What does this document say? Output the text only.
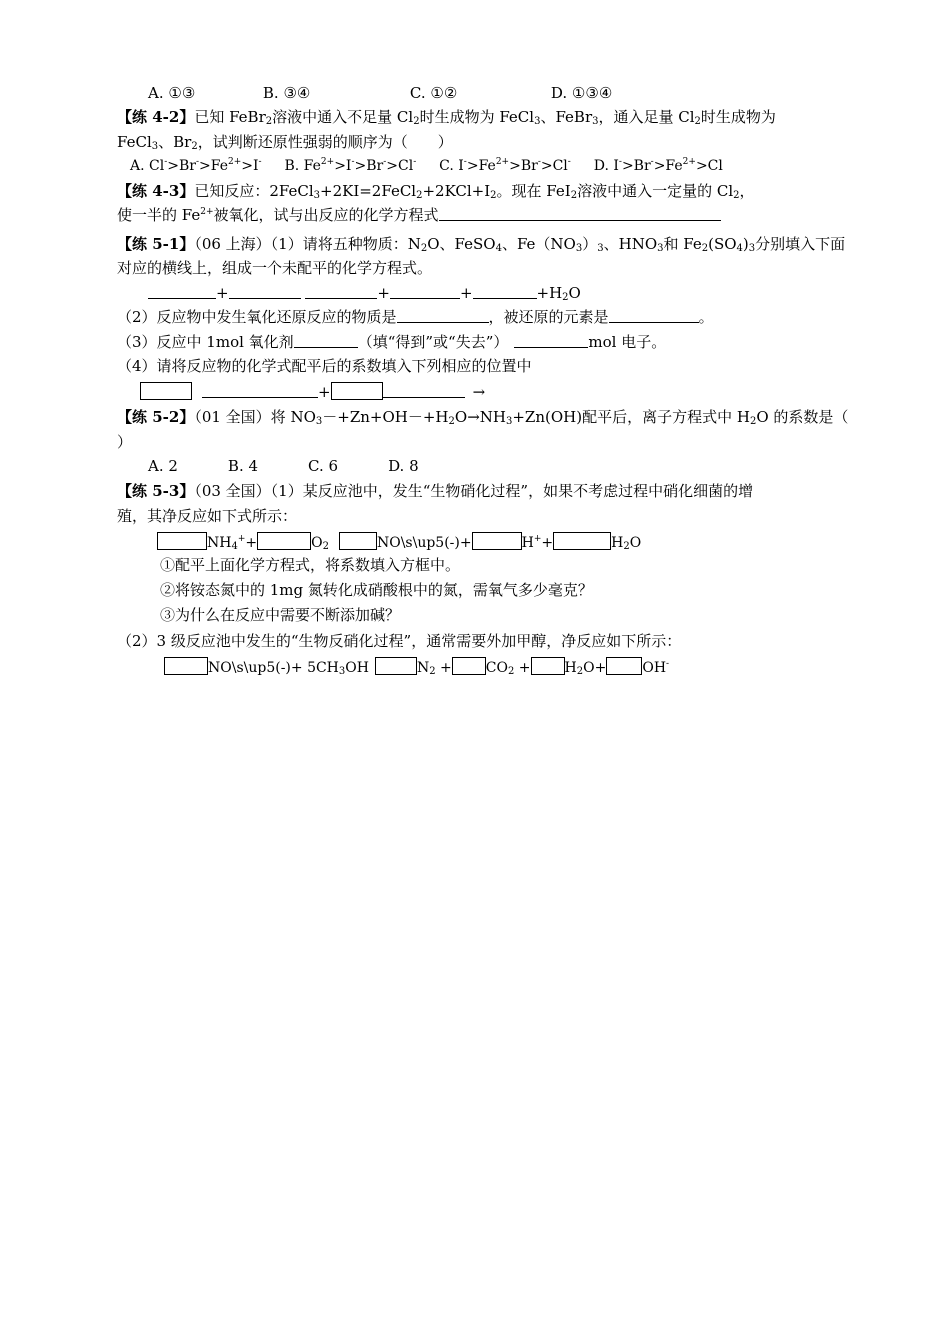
A. ①③	B. ③④	C. ①②	D. ①③④
【练 4-2】已知 FeBr$_2$溶液中通入不足量 $Cl_2$时生成物为 FeCl$_3$、FeBr$_3$，通入足量 $Cl_2$时生成物为
FeCl$_3$、$Br_2$，试判断还原性强弱的顺序为（　　）
A. $Cl^->Br^->Fe^{2+}>I^-$ B. $Fe^{2+}>I^->Br^->Cl^-$ C. $I^->Fe^{2+}>Br^->Cl^-$ D. $I^->Br^->Fe^{2+}>Cl$
【练 4-3】已知反应：$2FeCl_3+2KI=2FeCl_2+2KCl+I_2$。现在 FeI$_2$溶液中通入一定量的 $Cl_2$，
使一半的 $Fe^{2+}$被氧化，试与出反应的化学方程式
【练 5-1】（06 上海）（1）请将五种物质：$N_2O$、FeSO$_4$、$Fe(NO_3)_3$、$HNO_3$和 $Fe_2(SO_4)_3$分别填入下面
对应的横线上，组成一个未配平的化学方程式。
+	+	+	$+H_2O$
（2）反应物中发生氧化还原反应的物质是	，被还原的元素是	。
（3）反应中 1mol 氧化剂	（填“得到”或“失去”）	mol 电子。
（4）请将反应物的化学式配平后的系数填入下列相应的位置中
+	→
【练 5-2】（01 全国）将 $NO_3-+Zn+OH-+H_2O\to NH_3+Zn(OH)$配平后，离子方程式中 $H_2O$ 的系数是（
）
A. 2	B. 4	C. 6	D. 8
【练 5-3】（03 全国）（1）某反应池中，发生“生物硝化过程”，如果不考虑过程中硝化细菌的增
殖，其净反应如下式所示：
$NH_4^++$	$O_2$	NO\s\up5(-)+	H++	$H_2O$
①配平上面化学方程式，将系数填入方框中。
②将铵态氮中的 1mg 氮转化成硝酸根中的氮，需氧气多少毫克？
③为什么在反应中需要不断添加碱？
（2）3 级反应池中发生的“生物反硝化过程”，通常需要外加甲醇，净反应如下所示：
NO\s\up5(-)+ $5CH_3OH$	$N_2 + CO_2 + H_2O+$	OH-
